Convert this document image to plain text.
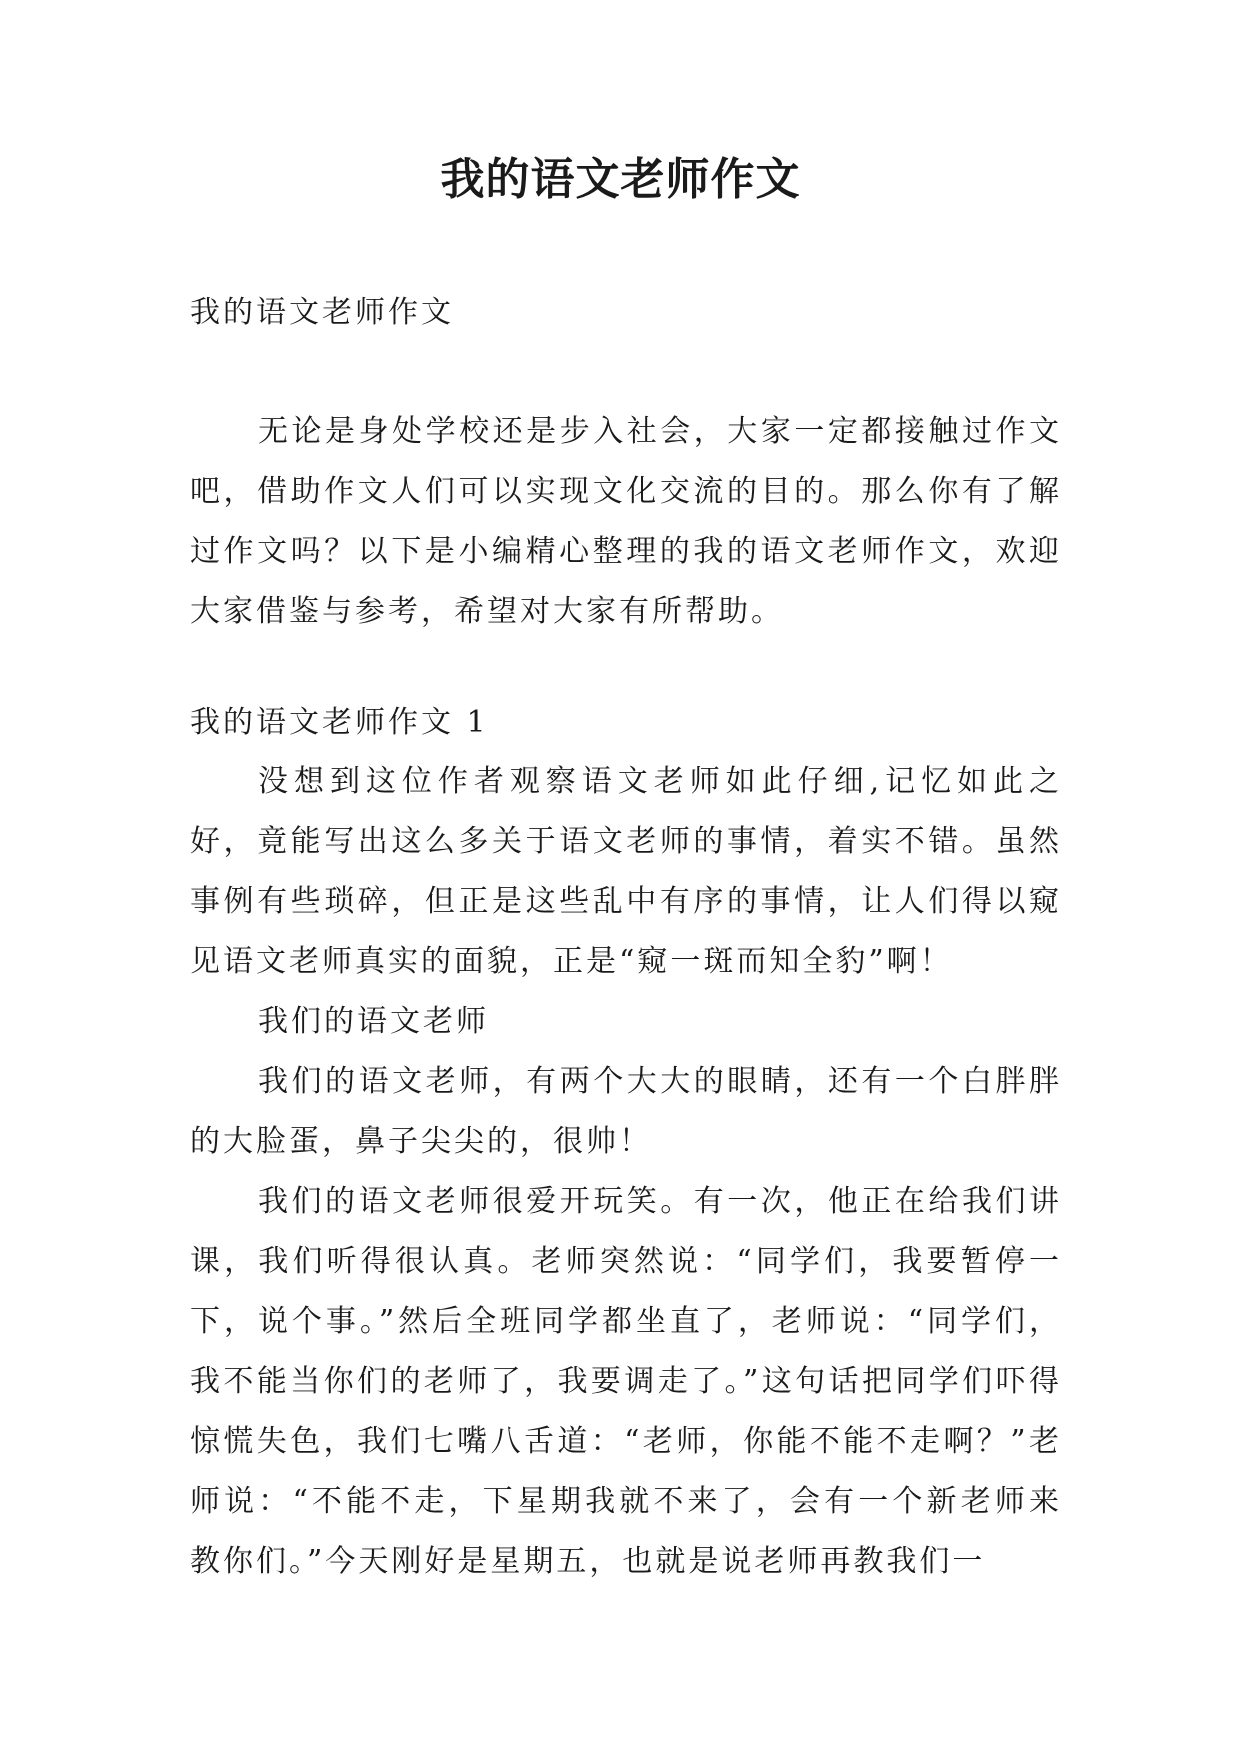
我的语文老师作文
我的语文老师作文

无论是身处学校还是步入社会，大家一定都接触过作文吧，借助作文人们可以实现文化交流的目的。那么你有了解过作文吗？以下是小编精心整理的我的语文老师作文，欢迎大家借鉴与参考，希望对大家有所帮助。

我的语文老师作文 1

没想到这位作者观察语文老师如此仔细,记忆如此之好，竟能写出这么多关于语文老师的事情，着实不错。虽然事例有些琐碎，但正是这些乱中有序的事情，让人们得以窥见语文老师真实的面貌，正是“窥一斑而知全豹”啊！

我们的语文老师

我们的语文老师，有两个大大的眼睛，还有一个白胖胖的大脸蛋，鼻子尖尖的，很帅！

我们的语文老师很爱开玩笑。有一次，他正在给我们讲课，我们听得很认真。老师突然说：“同学们，我要暂停一下，说个事。”然后全班同学都坐直了，老师说：“同学们，我不能当你们的老师了，我要调走了。”这句话把同学们吓得惊慌失色，我们七嘴八舌道：“老师，你能不能不走啊？”老师说：“不能不走，下星期我就不来了，会有一个新老师来教你们。”今天刚好是星期五，也就是说老师再教我们一
